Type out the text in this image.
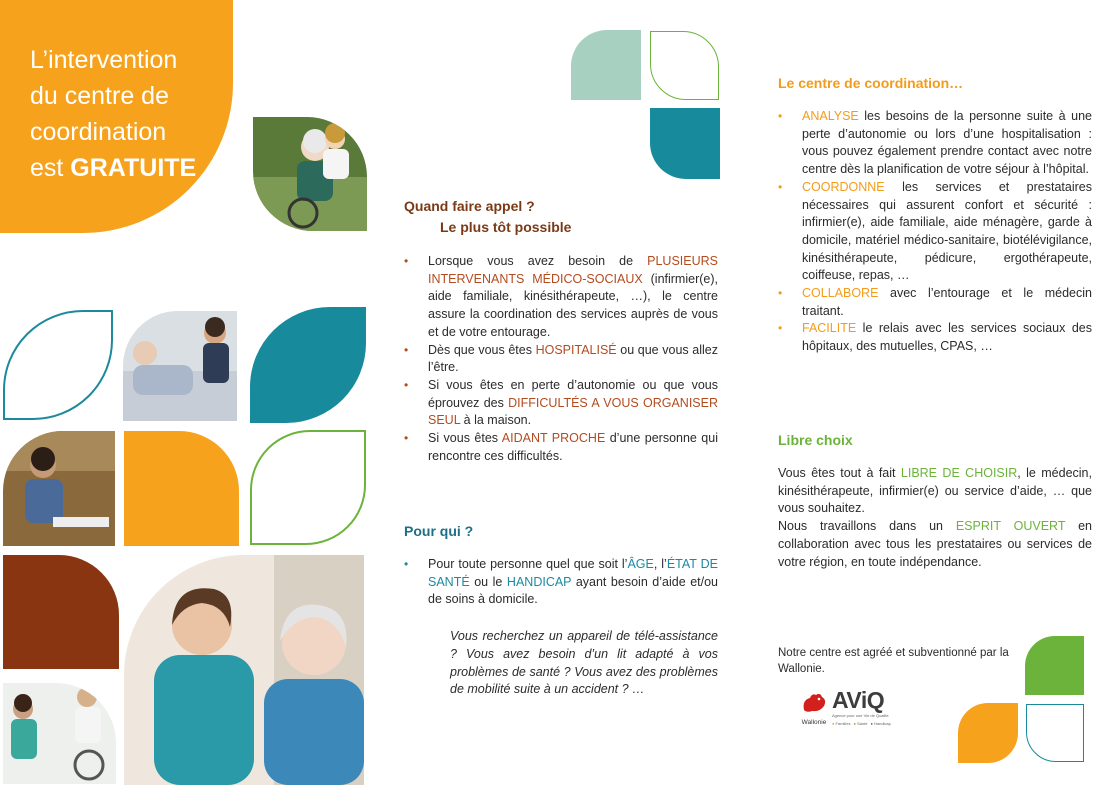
L’intervention
du centre de
coordination
est GRATUITE
Quand faire appel ?
Le plus tôt possible
• Lorsque vous avez besoin de PLUSIEURS INTERVENANTS MÉDICO-SOCIAUX (infirmier(e), aide familiale, kinésithérapeute, …), le centre assure la coordination des services auprès de vous et de votre entourage.
• Dès que vous êtes HOSPITALISÉ ou que vous allez l’être.
• Si vous êtes en perte d’autonomie ou que vous éprouvez des DIFFICULTÉS A VOUS ORGANISER SEUL à la maison.
• Si vous êtes AIDANT PROCHE d’une personne qui rencontre ces difficultés.
Pour qui ?
• Pour toute personne quel que soit l’ÂGE, l’ÉTAT DE SANTÉ ou le HANDICAP ayant besoin d’aide et/ou de soins à domicile.
Vous recherchez un appareil de télé-assistance ? Vous avez besoin d’un lit adapté à vos problèmes de santé ? Vous avez des problèmes de mobilité suite à un accident ? …
Le centre de coordination…
• ANALYSE les besoins de la personne suite à une perte d’autonomie ou lors d’une hospitalisation : vous pouvez également prendre contact avec notre centre dès la planification de votre séjour à l’hôpital.
• COORDONNE les services et prestataires nécessaires qui assurent confort et sécurité : infirmier(e), aide familiale, aide ménagère, garde à domicile, matériel médico-sanitaire, biotélévigilance, kinésithérapeute, pédicure, ergothérapeute, coiffeuse, repas, …
• COLLABORE avec l’entourage et le médecin traitant.
• FACILITE le relais avec les services sociaux des hôpitaux, des mutuelles, CPAS, …
Libre choix
Vous êtes tout à fait LIBRE DE CHOISIR, le médecin, kinésithérapeute, infirmier(e) ou service d’aide, … que vous souhaitez.
Nous travaillons dans un ESPRIT OUVERT en collaboration avec tous les prestataires ou services de votre région, en toute indépendance.
Notre centre est agréé et subventionné par la Wallonie.
Wallonie
AViQ
Agence pour une Vie de Qualité
● Familles ● Santé ● Handicap
